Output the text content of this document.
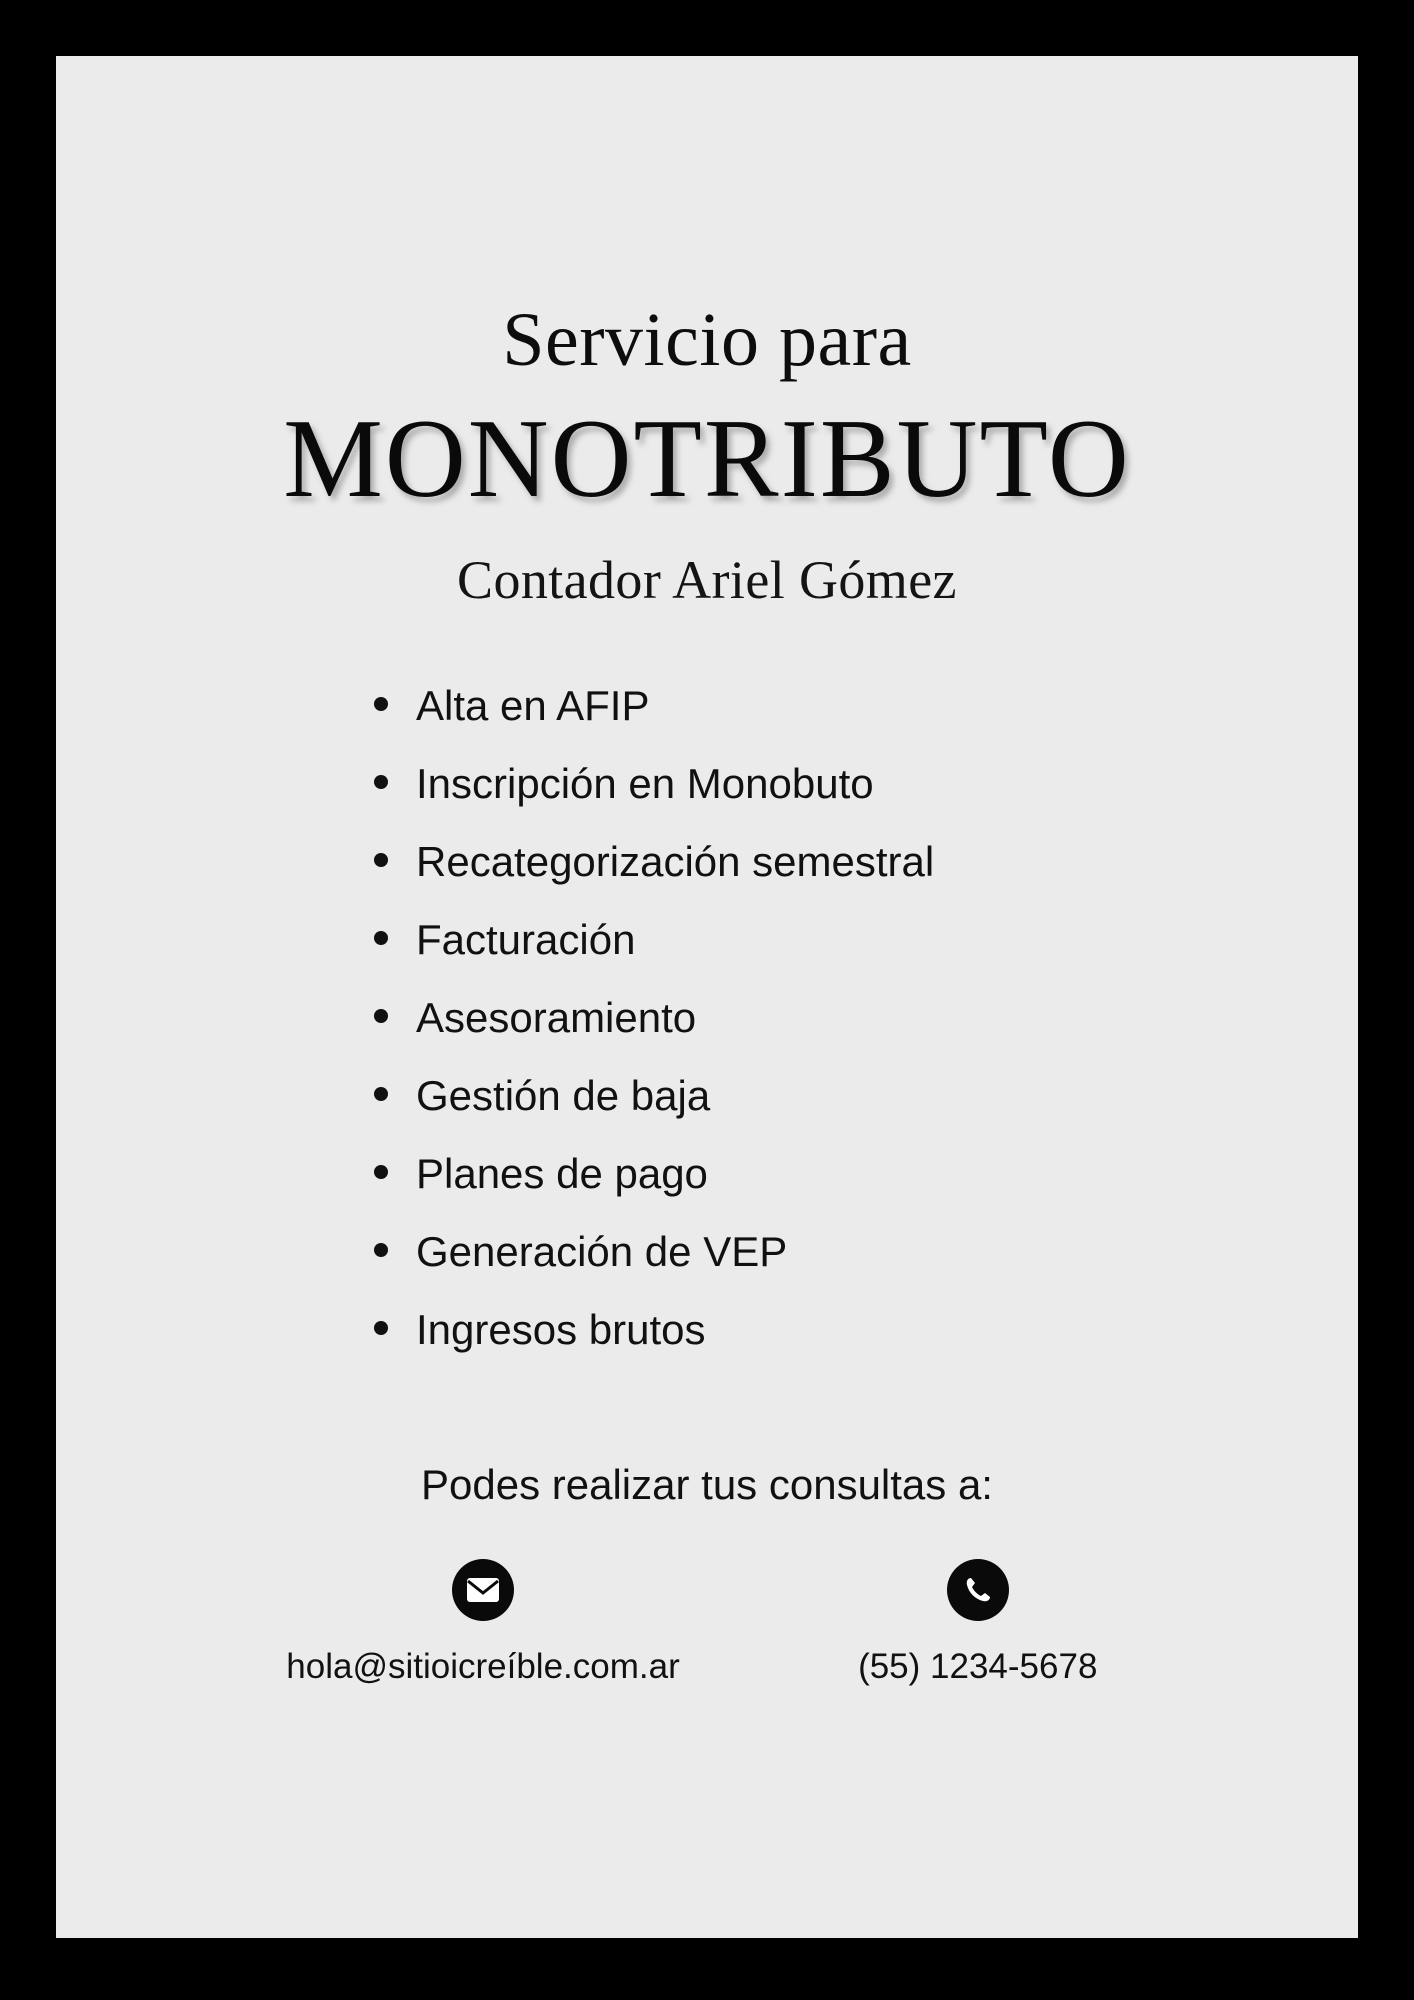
Servicio para
MONOTRIBUTO
Contador Ariel Gómez
Alta en AFIP
Inscripción en Monobuto
Recategorización semestral
Facturación
Asesoramiento
Gestión de baja
Planes de pago
Generación de VEP
Ingresos brutos
Podes realizar tus consultas a:
hola@sitioicreíble.com.ar	(55) 1234-5678
